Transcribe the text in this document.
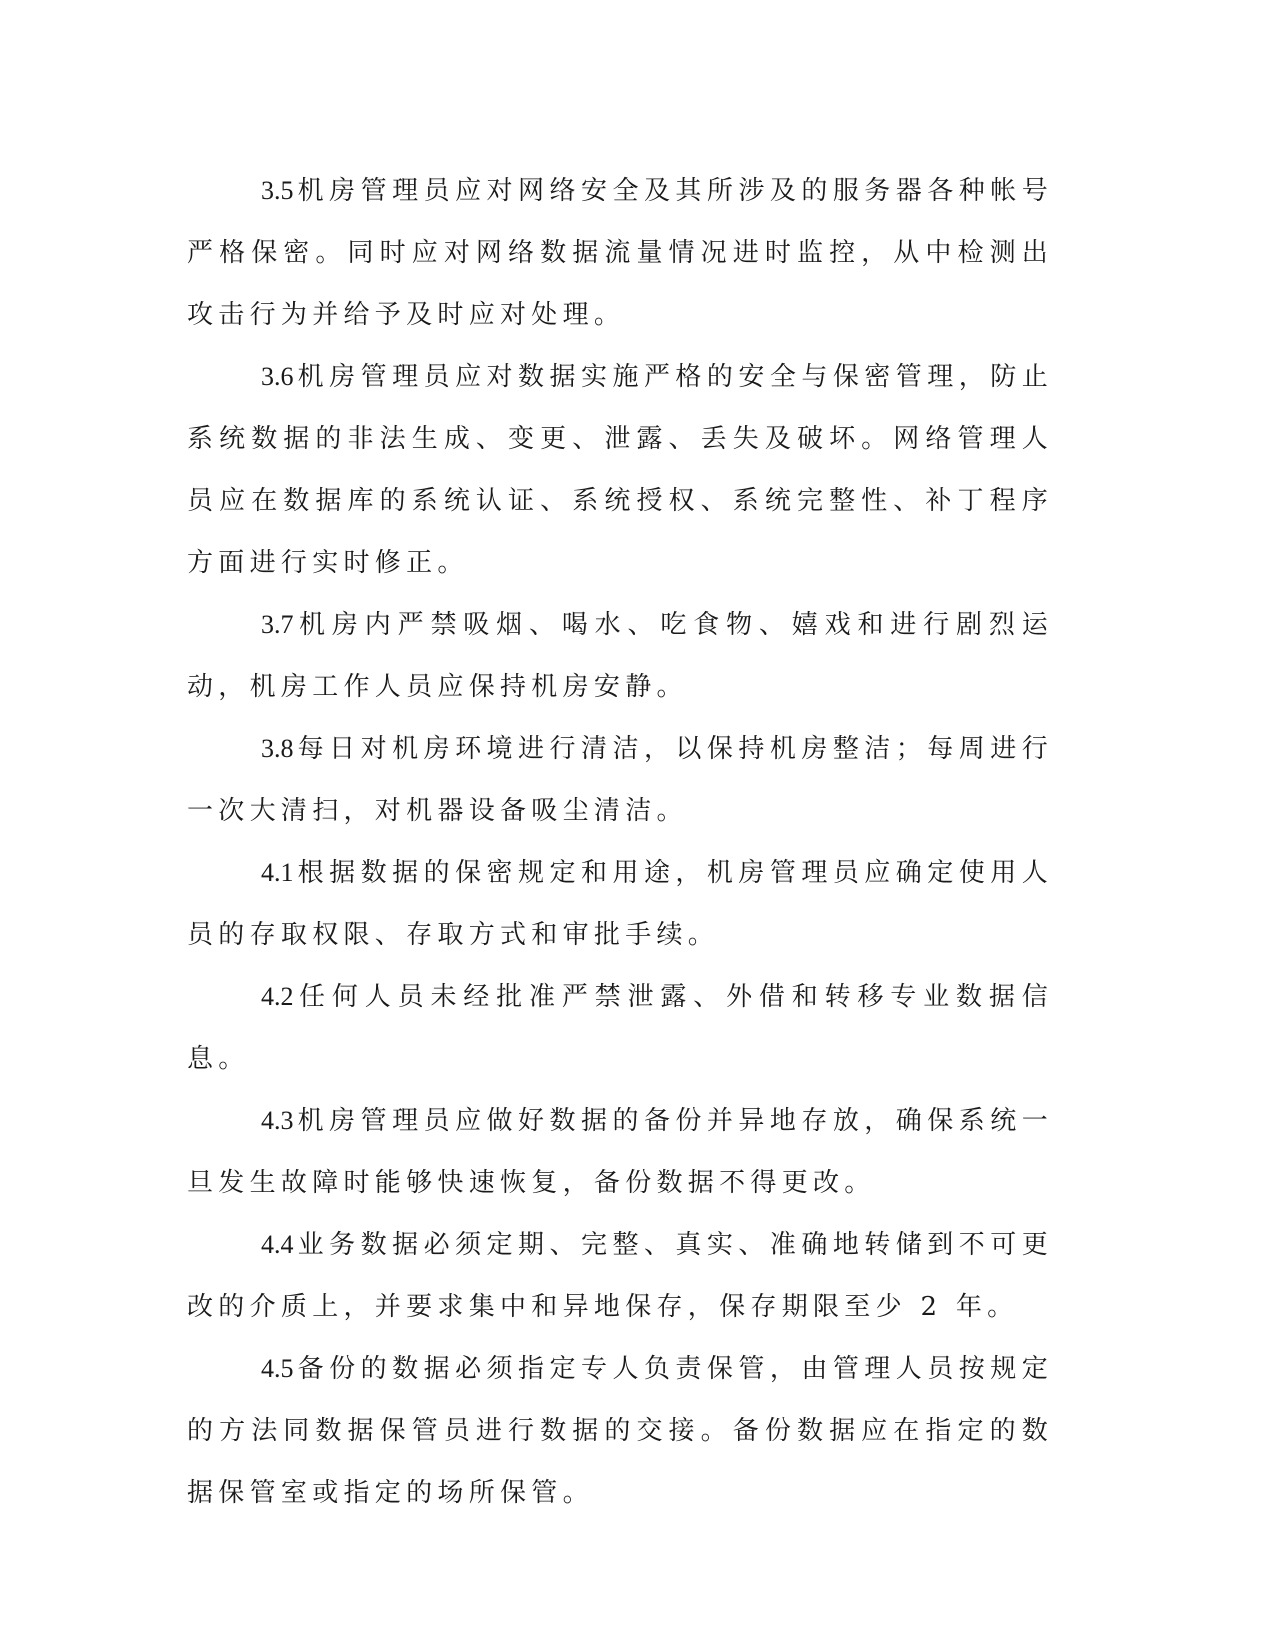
3.5 机房管理员应对网络安全及其所涉及的服务器各种帐号严格保密。同时应对网络数据流量情况进时监控，从中检测出攻击行为并给予及时应对处理。

3.6 机房管理员应对数据实施严格的安全与保密管理，防止系统数据的非法生成、变更、泄露、丢失及破坏。网络管理人员应在数据库的系统认证、系统授权、系统完整性、补丁程序方面进行实时修正。

3.7 机房内严禁吸烟、喝水、吃食物、嬉戏和进行剧烈运动，机房工作人员应保持机房安静。

3.8 每日对机房环境进行清洁，以保持机房整洁；每周进行一次大清扫，对机器设备吸尘清洁。

4.1 根据数据的保密规定和用途，机房管理员应确定使用人员的存取权限、存取方式和审批手续。

4.2 任何人员未经批准严禁泄露、外借和转移专业数据信息。

4.3 机房管理员应做好数据的备份并异地存放，确保系统一旦发生故障时能够快速恢复，备份数据不得更改。

4.4 业务数据必须定期、完整、真实、准确地转储到不可更改的介质上，并要求集中和异地保存，保存期限至少 2 年。

4.5 备份的数据必须指定专人负责保管，由管理人员按规定的方法同数据保管员进行数据的交接。备份数据应在指定的数据保管室或指定的场所保管。
